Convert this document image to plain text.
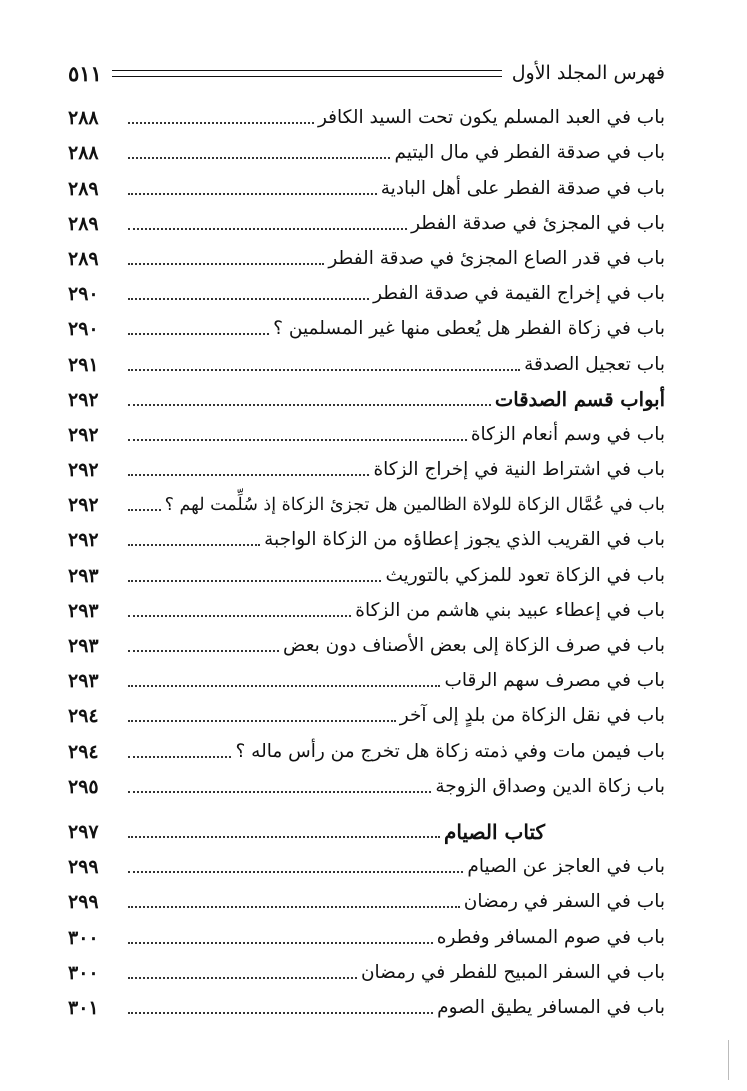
فهرس المجلد الأول
٥١١
باب في العبد المسلم يكون تحت السيد الكافر
٢٨٨
باب في صدقة الفطر في مال اليتيم
٢٨٨
باب في صدقة الفطر على أهل البادية
٢٨٩
باب في المجزئ في صدقة الفطر
٢٨٩
باب في قدر الصاع المجزئ في صدقة الفطر
٢٨٩
باب في إخراج القيمة في صدقة الفطر
٢٩٠
باب في زكاة الفطر هل يُعطى منها غير المسلمين ؟
٢٩٠
باب تعجيل الصدقة
٢٩١
أبواب قسم الصدقات
٢٩٢
باب في وسم أنعام الزكاة
٢٩٢
باب في اشتراط النية في إخراج الزكاة
٢٩٢
باب في عُمَّال الزكاة للولاة الظالمين هل تجزئ الزكاة إذ سُلِّمت لهم ؟
٢٩٢
باب في القريب الذي يجوز إعطاؤه من الزكاة الواجبة
٢٩٢
باب في الزكاة تعود للمزكي بالتوريث
٢٩٣
باب في إعطاء عبيد بني هاشم من الزكاة
٢٩٣
باب في صرف الزكاة إلى بعض الأصناف دون بعض
٢٩٣
باب في مصرف سهم الرقاب
٢٩٣
باب في نقل الزكاة من بلدٍ إلى آخر
٢٩٤
باب فيمن مات وفي ذمته زكاة هل تخرج من رأس ماله ؟
٢٩٤
باب زكاة الدين وصداق الزوجة
٢٩٥
كتاب الصيام
٢٩٧
باب في العاجز عن الصيام
٢٩٩
باب في السفر في رمضان
٢٩٩
باب في صوم المسافر وفطره
٣٠٠
باب في السفر المبيح للفطر في رمضان
٣٠٠
باب في المسافر يطيق الصوم
٣٠١
